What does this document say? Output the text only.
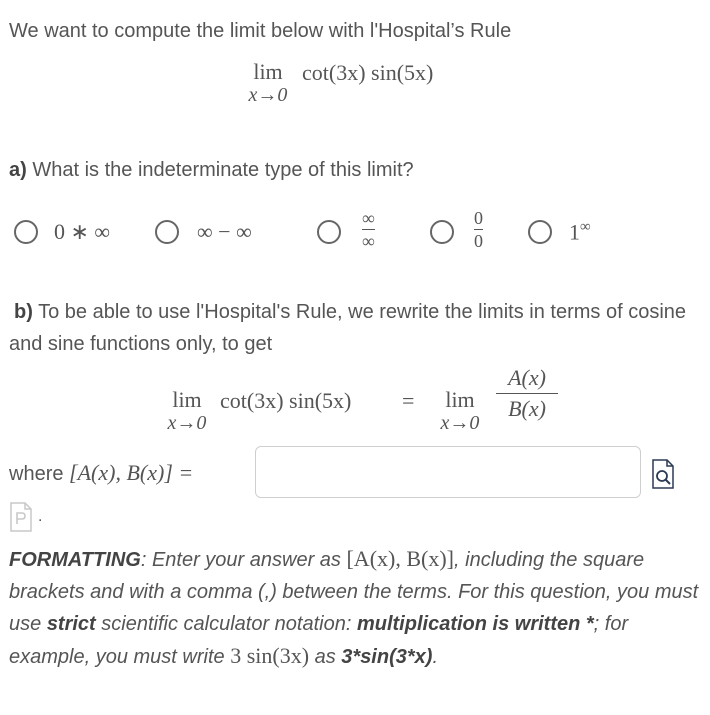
We want to compute the limit below with l'Hospital’s Rule
lim
x→0
cot(3x) sin(5x)
a) What is the indeterminate type of this limit?
0 ∗ ∞	∞ − ∞
∞
∞
0
0	1∞
b) To be able to use l'Hospital's Rule, we rewrite the limits in terms of cosine and sine functions only, to get
lim
x→0
cot(3x) sin(5x) =	lim
x→0
A(x)
B(x)
where [A(x), B(x)] =
.
FORMATTING: Enter your answer as [A(x), B(x)], including the square brackets and with a comma (,) between the terms. For this question, you must use strict scientific calculator notation: multiplication is written *; for example, you must write 3 sin(3x) as 3*sin(3*x).
